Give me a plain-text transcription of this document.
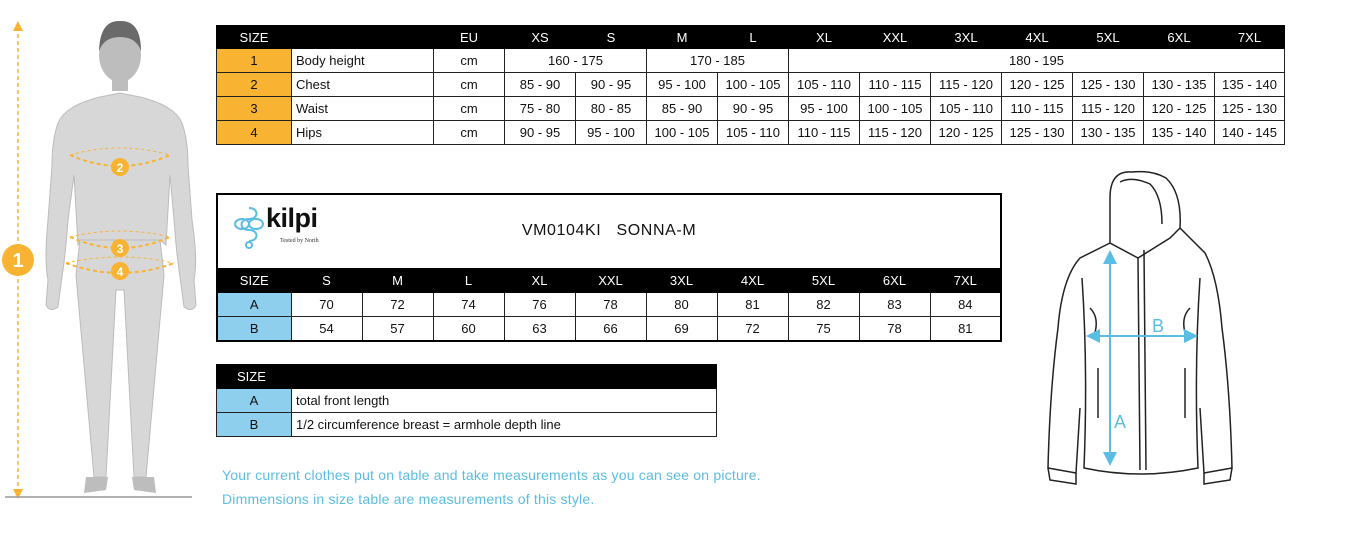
1
2
3
4
SIZE		EU	XS	S	M	L	XL	XXL	3XL	4XL	5XL	6XL	7XL
1	Body height	cm	160 - 175		170 - 185		180 - 195						
2	Chest	cm	85 - 90	90 - 95	95 - 100	100 - 105	105 - 110	110 - 115	115 - 120	120 - 125	125 - 130	130 - 135	135 - 140
3	Waist	cm	75 - 80	80 - 85	85 - 90	90 - 95	95 - 100	100 - 105	105 - 110	110 - 115	115 - 120	120 - 125	125 - 130
4	Hips	cm	90 - 95	95 - 100	100 - 105	105 - 110	110 - 115	115 - 120	120 - 125	125 - 130	130 - 135	135 - 140	140 - 145
kilpi
Tested by North
VM0104KI   SONNA-M										

SIZE	S	M	L	XL	XXL	3XL	4XL	5XL	6XL	7XL
A	70	72	74	76	78	80	81	82	83	84
B	54	57	60	63	66	69	72	75	78	81
SIZE						
A	total front length					
B	1/2 circumference breast = armhole depth line					
Your current clothes put on table and take measurements as you can see on picture.
Dimmensions in size table are measurements of this style.
B
A
